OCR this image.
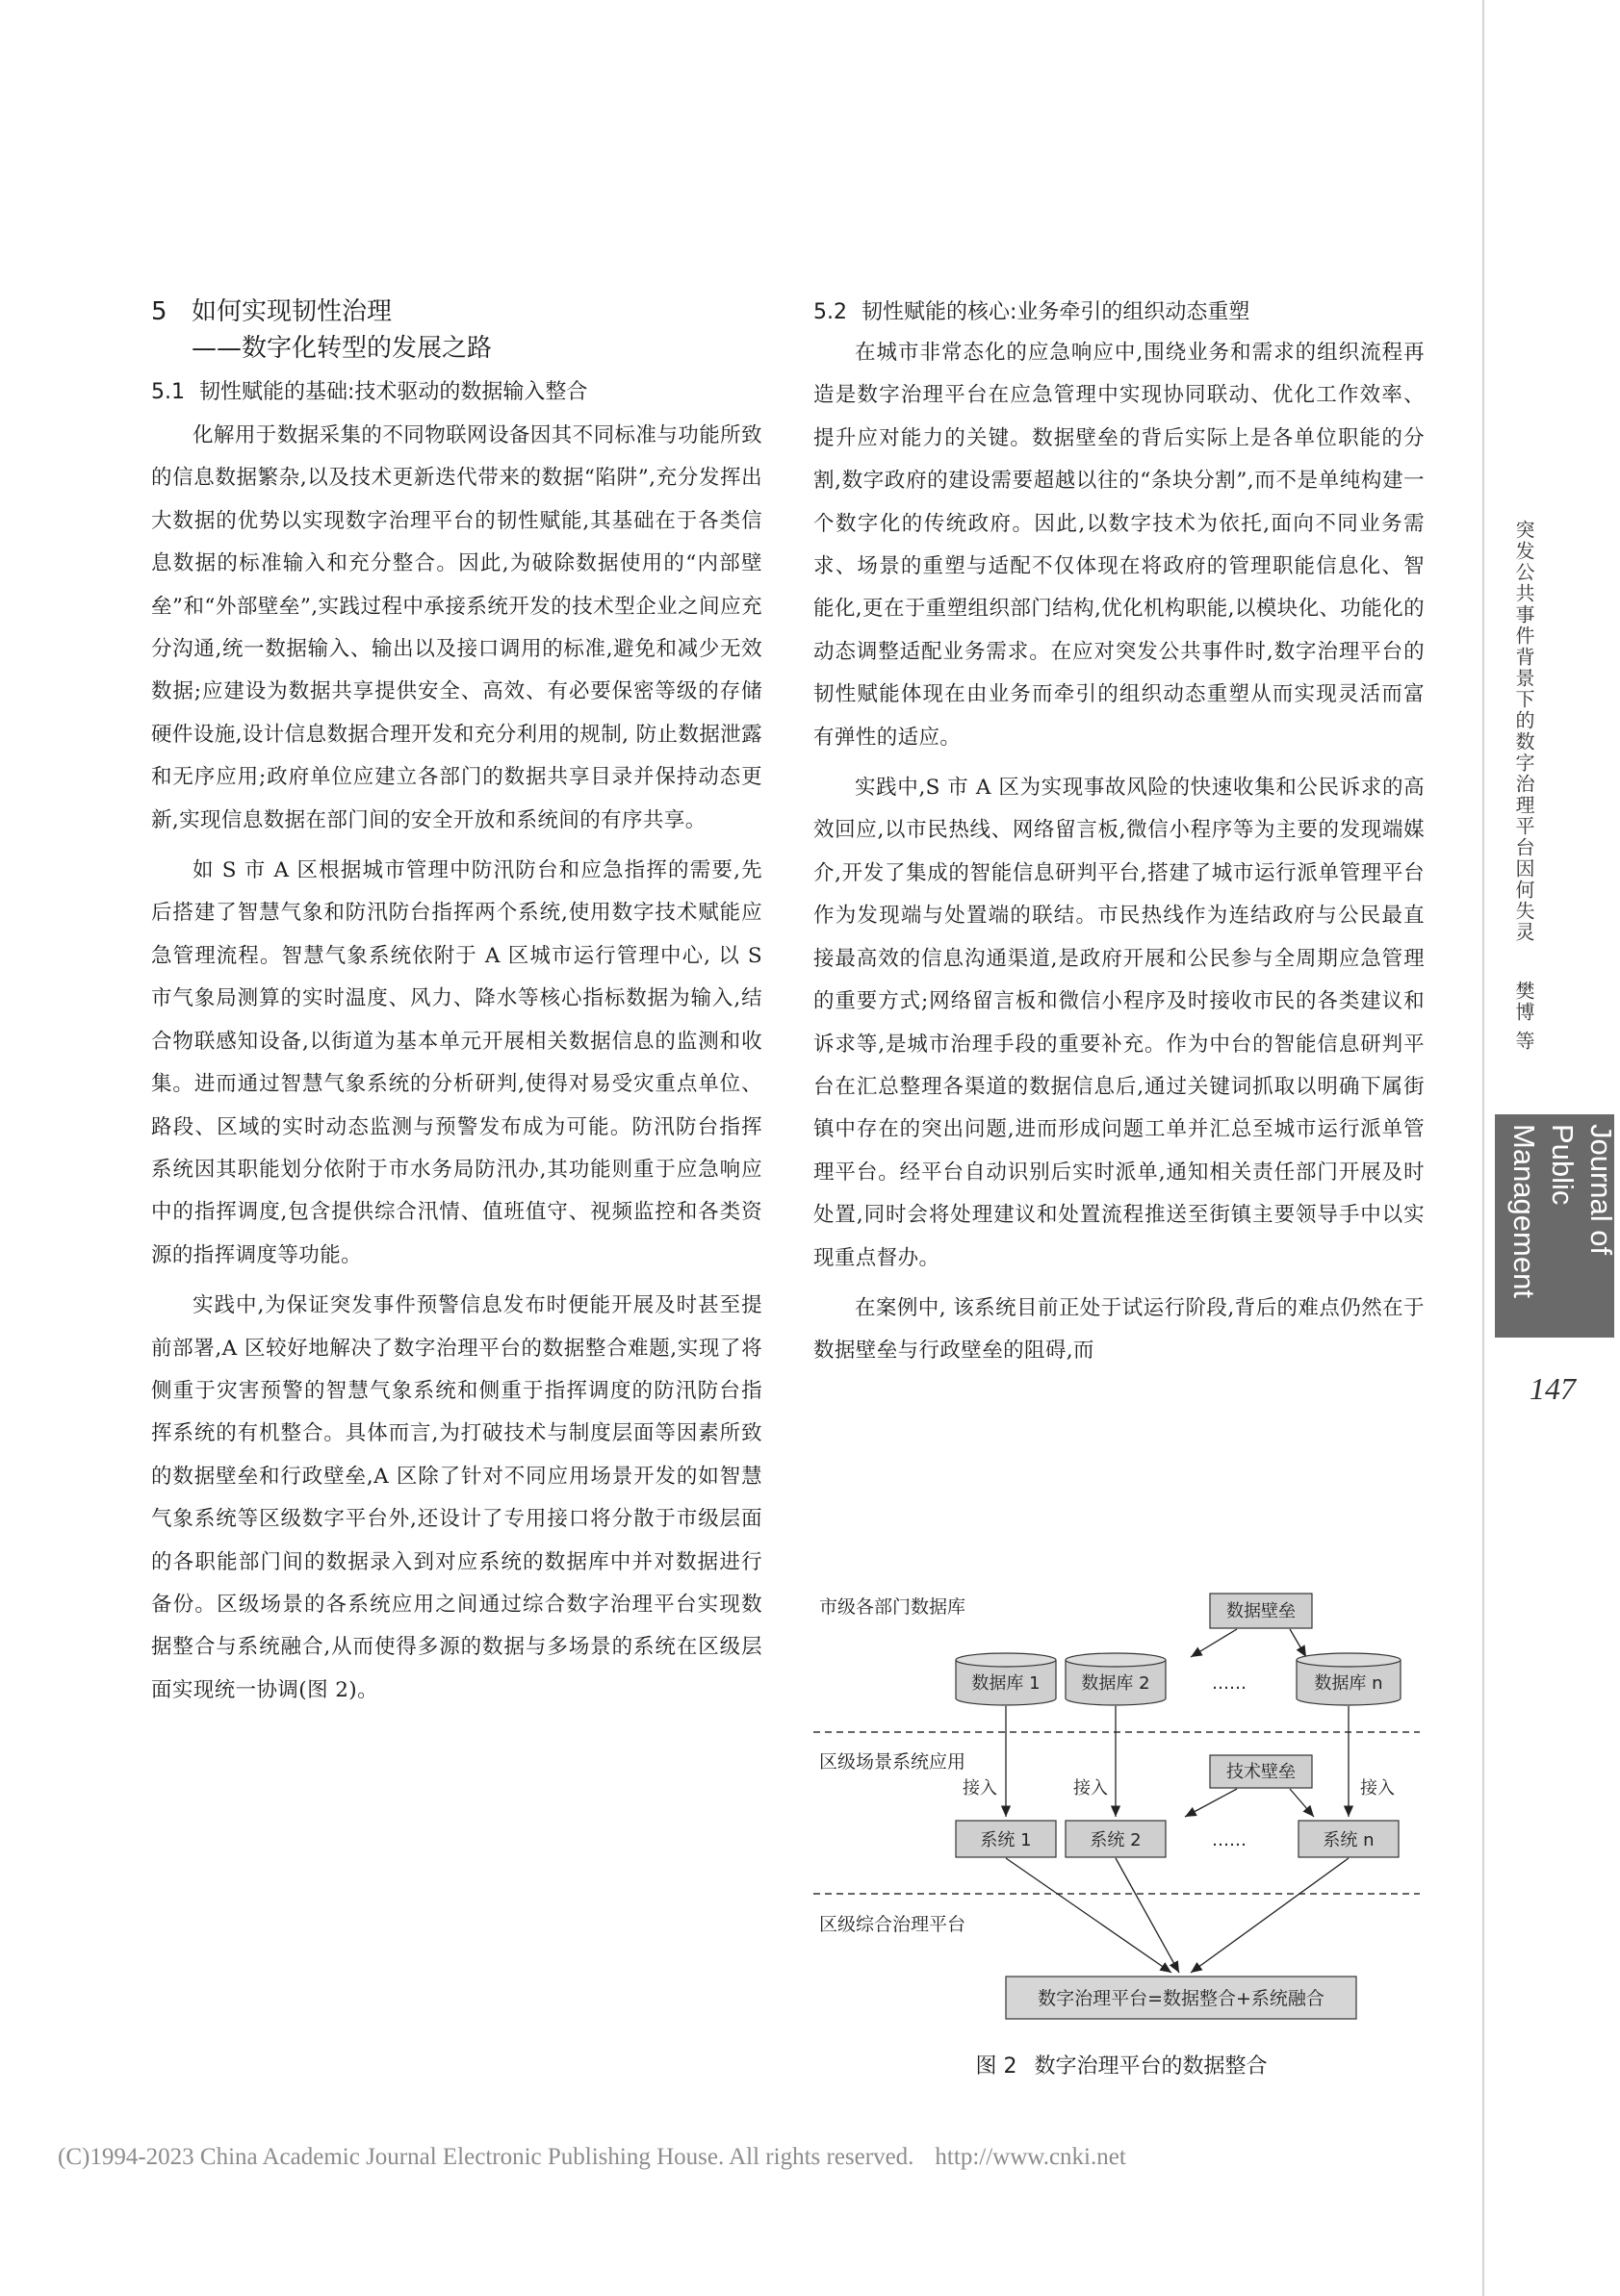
5 如何实现韧性治理
——数字化转型的发展之路
5.1 韧性赋能的基础:技术驱动的数据输入整合

化解用于数据采集的不同物联网设备因其不同标准与功能所致的信息数据繁杂,以及技术更新迭代带来的数据“陷阱”,充分发挥出大数据的优势以实现数字治理平台的韧性赋能,其基础在于各类信息数据的标准输入和充分整合。因此,为破除数据使用的“内部壁垒”和“外部壁垒”,实践过程中承接系统开发的技术型企业之间应充分沟通,统一数据输入、输出以及接口调用的标准,避免和减少无效数据;应建设为数据共享提供安全、高效、有必要保密等级的存储硬件设施,设计信息数据合理开发和充分利用的规制, 防止数据泄露和无序应用;政府单位应建立各部门的数据共享目录并保持动态更新,实现信息数据在部门间的安全开放和系统间的有序共享。

如 S 市 A 区根据城市管理中防汛防台和应急指挥的需要,先后搭建了智慧气象和防汛防台指挥两个系统,使用数字技术赋能应急管理流程。智慧气象系统依附于 A 区城市运行管理中心, 以 S 市气象局测算的实时温度、风力、降水等核心指标数据为输入,结合物联感知设备,以街道为基本单元开展相关数据信息的监测和收集。进而通过智慧气象系统的分析研判,使得对易受灾重点单位、路段、区域的实时动态监测与预警发布成为可能。防汛防台指挥系统因其职能划分依附于市水务局防汛办,其功能则重于应急响应中的指挥调度,包含提供综合汛情、值班值守、视频监控和各类资源的指挥调度等功能。

实践中,为保证突发事件预警信息发布时便能开展及时甚至提前部署,A 区较好地解决了数字治理平台的数据整合难题,实现了将侧重于灾害预警的智慧气象系统和侧重于指挥调度的防汛防台指挥系统的有机整合。具体而言,为打破技术与制度层面等因素所致的数据壁垒和行政壁垒,A 区除了针对不同应用场景开发的如智慧气象系统等区级数字平台外,还设计了专用接口将分散于市级层面的各职能部门间的数据录入到对应系统的数据库中并对数据进行备份。区级场景的各系统应用之间通过综合数字治理平台实现数据整合与系统融合,从而使得多源的数据与多场景的系统在区级层面实现统一协调(图 2)。

5.2 韧性赋能的核心:业务牵引的组织动态重塑

在城市非常态化的应急响应中,围绕业务和需求的组织流程再造是数字治理平台在应急管理中实现协同联动、优化工作效率、提升应对能力的关键。数据壁垒的背后实际上是各单位职能的分割,数字政府的建设需要超越以往的“条块分割”,而不是单纯构建一个数字化的传统政府。因此,以数字技术为依托,面向不同业务需求、场景的重塑与适配不仅体现在将政府的管理职能信息化、智能化,更在于重塑组织部门结构,优化机构职能,以模块化、功能化的动态调整适配业务需求。在应对突发公共事件时,数字治理平台的韧性赋能体现在由业务而牵引的组织动态重塑从而实现灵活而富有弹性的适应。

实践中,S 市 A 区为实现事故风险的快速收集和公民诉求的高效回应,以市民热线、网络留言板,微信小程序等为主要的发现端媒介,开发了集成的智能信息研判平台,搭建了城市运行派单管理平台作为发现端与处置端的联结。市民热线作为连结政府与公民最直接最高效的信息沟通渠道,是政府开展和公民参与全周期应急管理的重要方式;网络留言板和微信小程序及时接收市民的各类建议和诉求等,是城市治理手段的重要补充。作为中台的智能信息研判平台在汇总整理各渠道的数据信息后,通过关键词抓取以明确下属街镇中存在的突出问题,进而形成问题工单并汇总至城市运行派单管理平台。经平台自动识别后实时派单,通知相关责任部门开展及时处置,同时会将处理建议和处置流程推送至街镇主要领导手中以实现重点督办。

在案例中, 该系统目前正处于试运行阶段,背后的难点仍然在于数据壁垒与行政壁垒的阻碍,而

市级各部门数据库
区级场景系统应用
区级综合治理平台
数据壁垒
数据库 1 数据库 2	……	数据库 n
接入	接入	接入
技术壁垒
系统 1	系统 2	……	系统 n
数字治理平台=数据整合+系统融合
图 2 数字治理平台的数据整合
突发公共事件背景下的数字治理平台因何失灵  樊博 等
Journal of Public Management
147
(C)1994-2023 China Academic Journal Electronic Publishing House. All rights reserved. http://www.cnki.net
